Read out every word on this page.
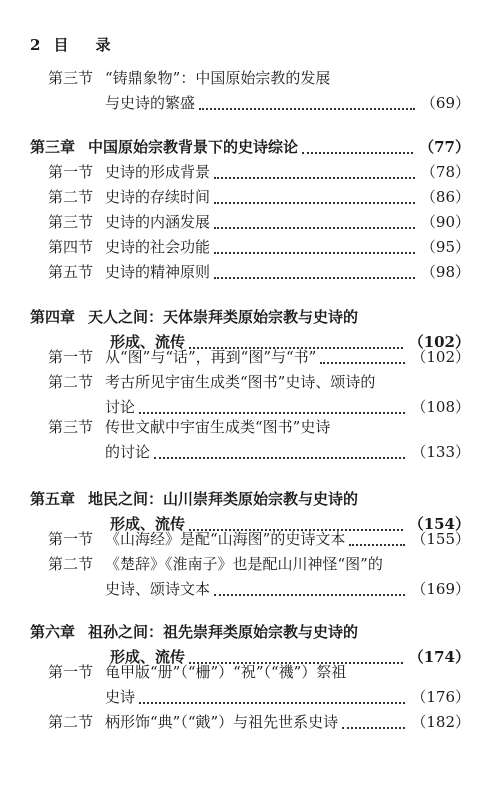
2 目 录
第三节 “铸鼎象物”：中国原始宗教的发展
与史诗的繁盛	（69）
第三章 中国原始宗教背景下的史诗综论	（77）
第一节 史诗的形成背景	（78）
第二节 史诗的存续时间	（86）
第三节 史诗的内涵发展	（90）
第四节 史诗的社会功能	（95）
第五节 史诗的精神原则	（98）
第四章 天人之间：天体崇拜类原始宗教与史诗的
形成、流传	（102）
第一节 从“图”与“话”，再到“图”与“书”	（102）
第二节 考古所见宇宙生成类“图书”史诗、颂诗的
讨论	（108）
第三节 传世文献中宇宙生成类“图书”史诗
的讨论	（133）
第五章 地民之间：山川崇拜类原始宗教与史诗的
形成、流传	（154）
第一节 《山海经》是配“山海图”的史诗文本	（155）
第二节 《楚辞》《淮南子》也是配山川神怪“图”的
史诗、颂诗文本	（169）
第六章 祖孙之间：祖先崇拜类原始宗教与史诗的
形成、流传	（174）
第一节 龟甲版“册”（“栅”）“祝”（“禨”）祭祖
史诗	（176）
第二节 柄形饰“典”（“戭”）与祖先世系史诗	（182）
